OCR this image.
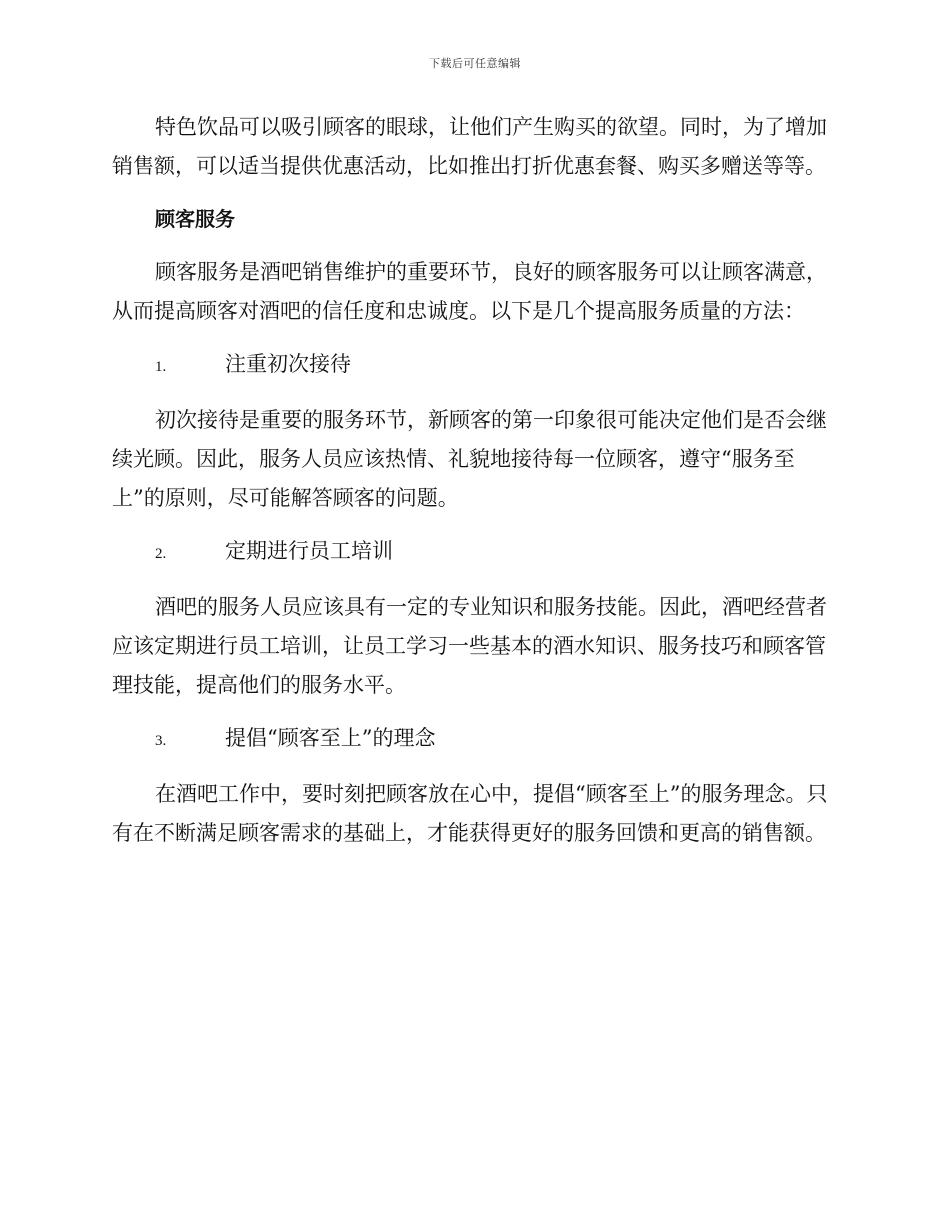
下载后可任意编辑

特色饮品可以吸引顾客的眼球，让他们产生购买的欲望。同时，为了增加销售额，可以适当提供优惠活动，比如推出打折优惠套餐、购买多赠送等等。

顾客服务

顾客服务是酒吧销售维护的重要环节，良好的顾客服务可以让顾客满意，从而提高顾客对酒吧的信任度和忠诚度。以下是几个提高服务质量的方法：

1.	注重初次接待

初次接待是重要的服务环节，新顾客的第一印象很可能决定他们是否会继续光顾。因此，服务人员应该热情、礼貌地接待每一位顾客，遵守“服务至上”的原则，尽可能解答顾客的问题。

2.	定期进行员工培训

酒吧的服务人员应该具有一定的专业知识和服务技能。因此，酒吧经营者应该定期进行员工培训，让员工学习一些基本的酒水知识、服务技巧和顾客管理技能，提高他们的服务水平。

3.	提倡“顾客至上”的理念

在酒吧工作中，要时刻把顾客放在心中，提倡“顾客至上”的服务理念。只有在不断满足顾客需求的基础上，才能获得更好的服务回馈和更高的销售额。
